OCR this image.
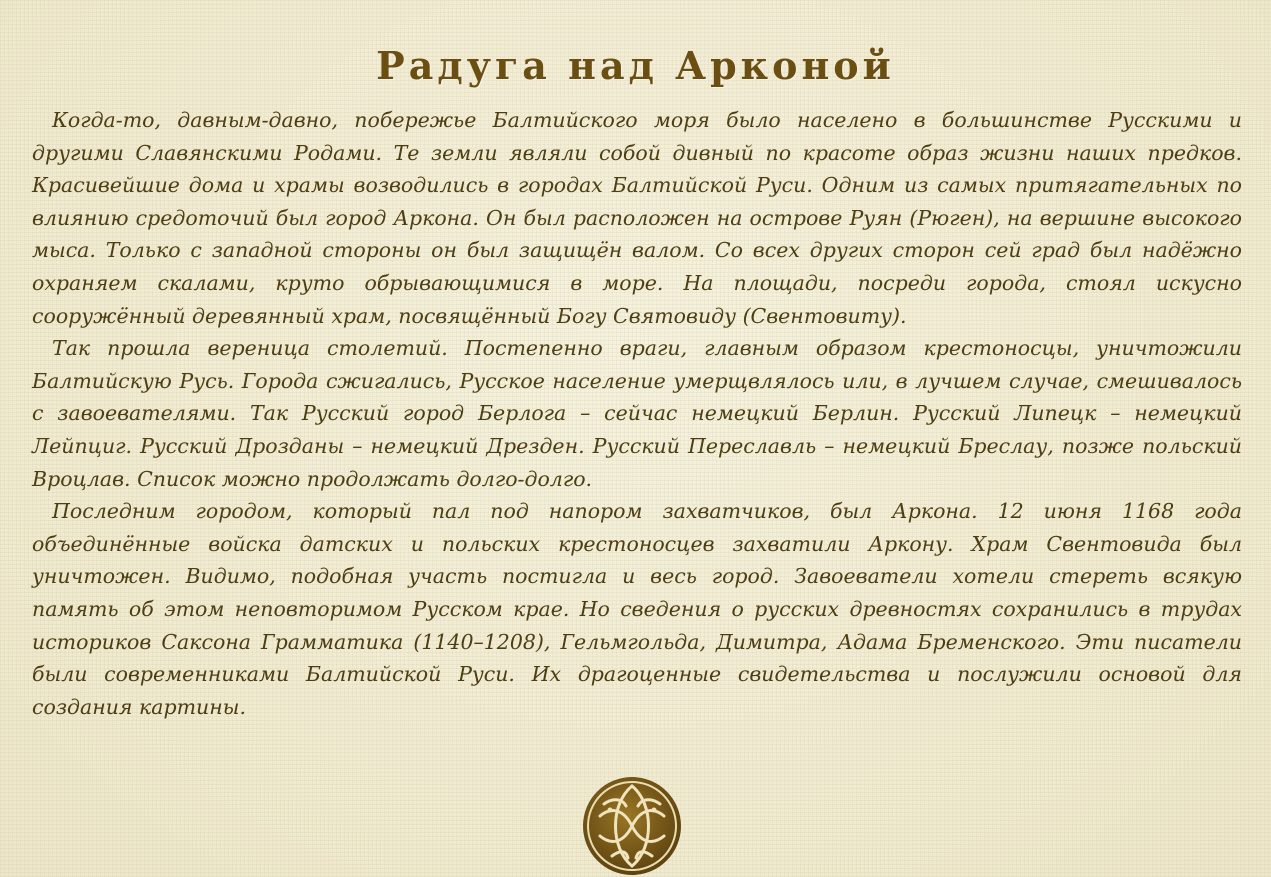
Радуга над Арконой

Когда-то, давным-давно, побережье Балтийского моря было населено в большинстве Русскими и другими Славянскими Родами. Те земли являли собой дивный по красоте образ жизни наших предков. Красивейшие дома и храмы возводились в городах Балтийской Руси. Одним из самых притягательных по влиянию средоточий был город Аркона. Он был расположен на острове Руян (Рюген), на вершине высокого мыса. Только с западной стороны он был защищён валом. Со всех других сторон сей град был надёжно охраняем скалами, круто обрывающимися в море. На площади, посреди города, стоял искусно сооружённый деревянный храм, посвящённый Богу Святовиду (Свентовиту).

Так прошла вереница столетий. Постепенно враги, главным образом крестоносцы, уничтожили Балтийскую Русь. Города сжигались, Русское население умерщвлялось или, в лучшем случае, смешивалось с завоевателями. Так Русский город Берлога – сейчас немецкий Берлин. Русский Липецк – немецкий Лейпциг. Русский Дрозданы – немецкий Дрезден. Русский Переславль – немецкий Бреслау, позже польский Вроцлав. Список можно продолжать долго-долго.

Последним городом, который пал под напором захватчиков, был Аркона. 12 июня 1168 года объединённые войска датских и польских крестоносцев захватили Аркону. Храм Свентовида был уничтожен. Видимо, подобная участь постигла и весь город. Завоеватели хотели стереть всякую память об этом неповторимом Русском крае. Но сведения о русских древностях сохранились в трудах историков Саксона Грамматика (1140–1208), Гельмгольда, Димитра, Адама Бременского. Эти писатели были современниками Балтийской Руси. Их драгоценные свидетельства и послужили основой для создания картины.
